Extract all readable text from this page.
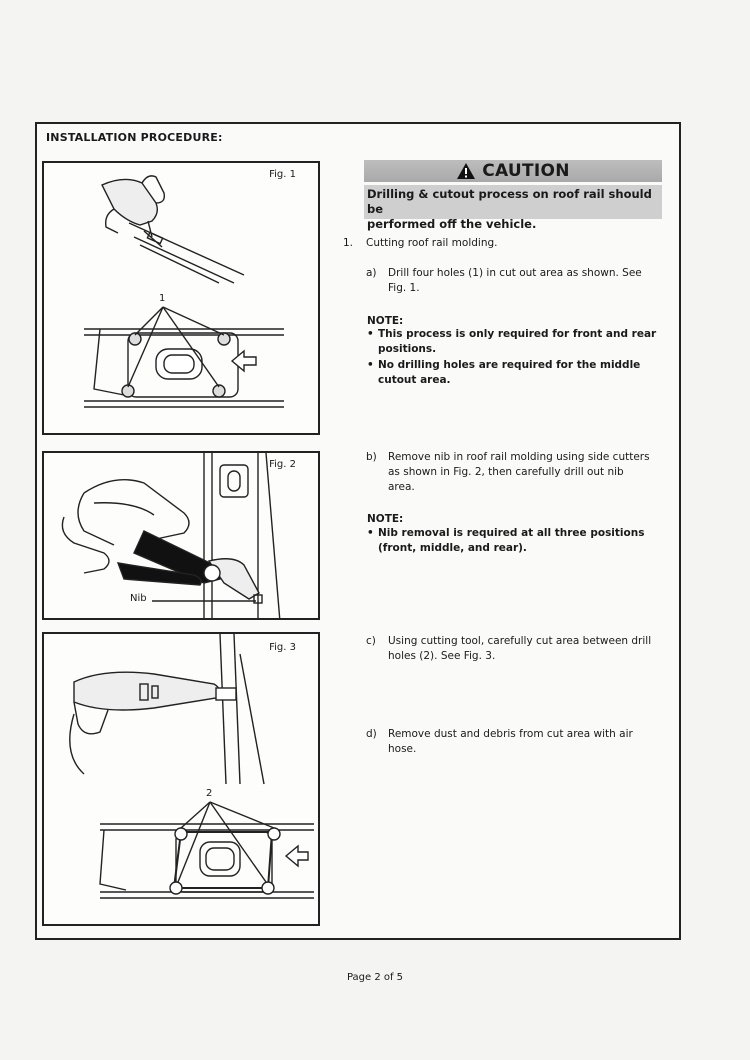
INSTALLATION PROCEDURE:
Fig. 1
1
Fig. 2
Nib
Fig. 3
2
CAUTION
Drilling & cutout process on roof rail should be
performed off the vehicle.
1. Cutting roof rail molding.
a) Drill four holes (1) in cut out area as shown. See
Fig. 1.
NOTE:
• This process is only required for front and rear
positions.
• No drilling holes are required for the middle
cutout area.
b) Remove nib in roof rail molding using side cutters
as shown in Fig. 2, then carefully drill out nib
area.
NOTE:
• Nib removal is required at all three positions
(front, middle, and rear).
c) Using cutting tool, carefully cut area between drill
holes (2). See Fig. 3.
d) Remove dust and debris from cut area with air
hose.
Page 2 of 5
